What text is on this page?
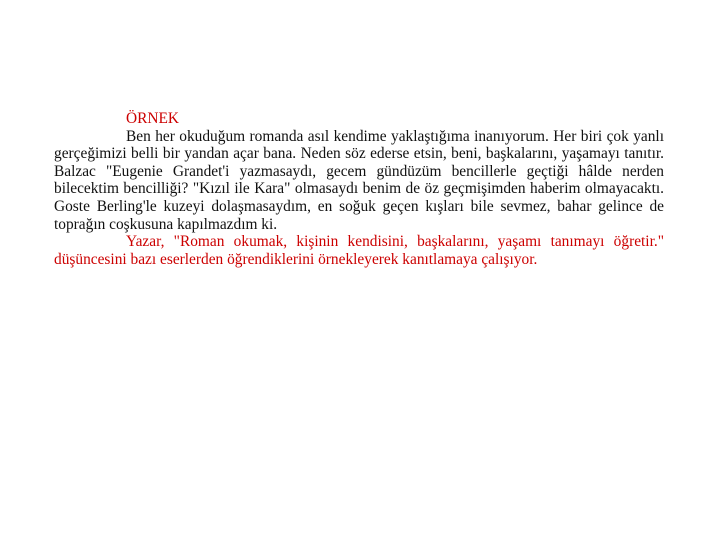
ÖRNEK

Ben her okuduğum romanda asıl kendime yaklaştığıma inanıyorum. Her biri çok yanlı gerçeğimizi belli bir yandan açar bana. Neden söz ederse etsin, beni, başkalarını, yaşamayı tanıtır. Balzac "Eugenie Grandet'i yazmasaydı, gecem gündüzüm bencillerle geçtiği hâlde nerden bilecektim bencilliği? "Kızıl ile Kara" olmasaydı benim de öz geçmişimden haberim olmayacaktı. Goste Berling'le kuzeyi dolaşmasaydım, en soğuk geçen kışları bile sevmez, bahar gelince de toprağın coşkusuna kapılmazdım ki.

Yazar, "Roman okumak, kişinin kendisini, başkalarını, yaşamı tanımayı öğretir." düşüncesini bazı eserlerden öğrendiklerini örnekleyerek kanıtlamaya çalışıyor.
